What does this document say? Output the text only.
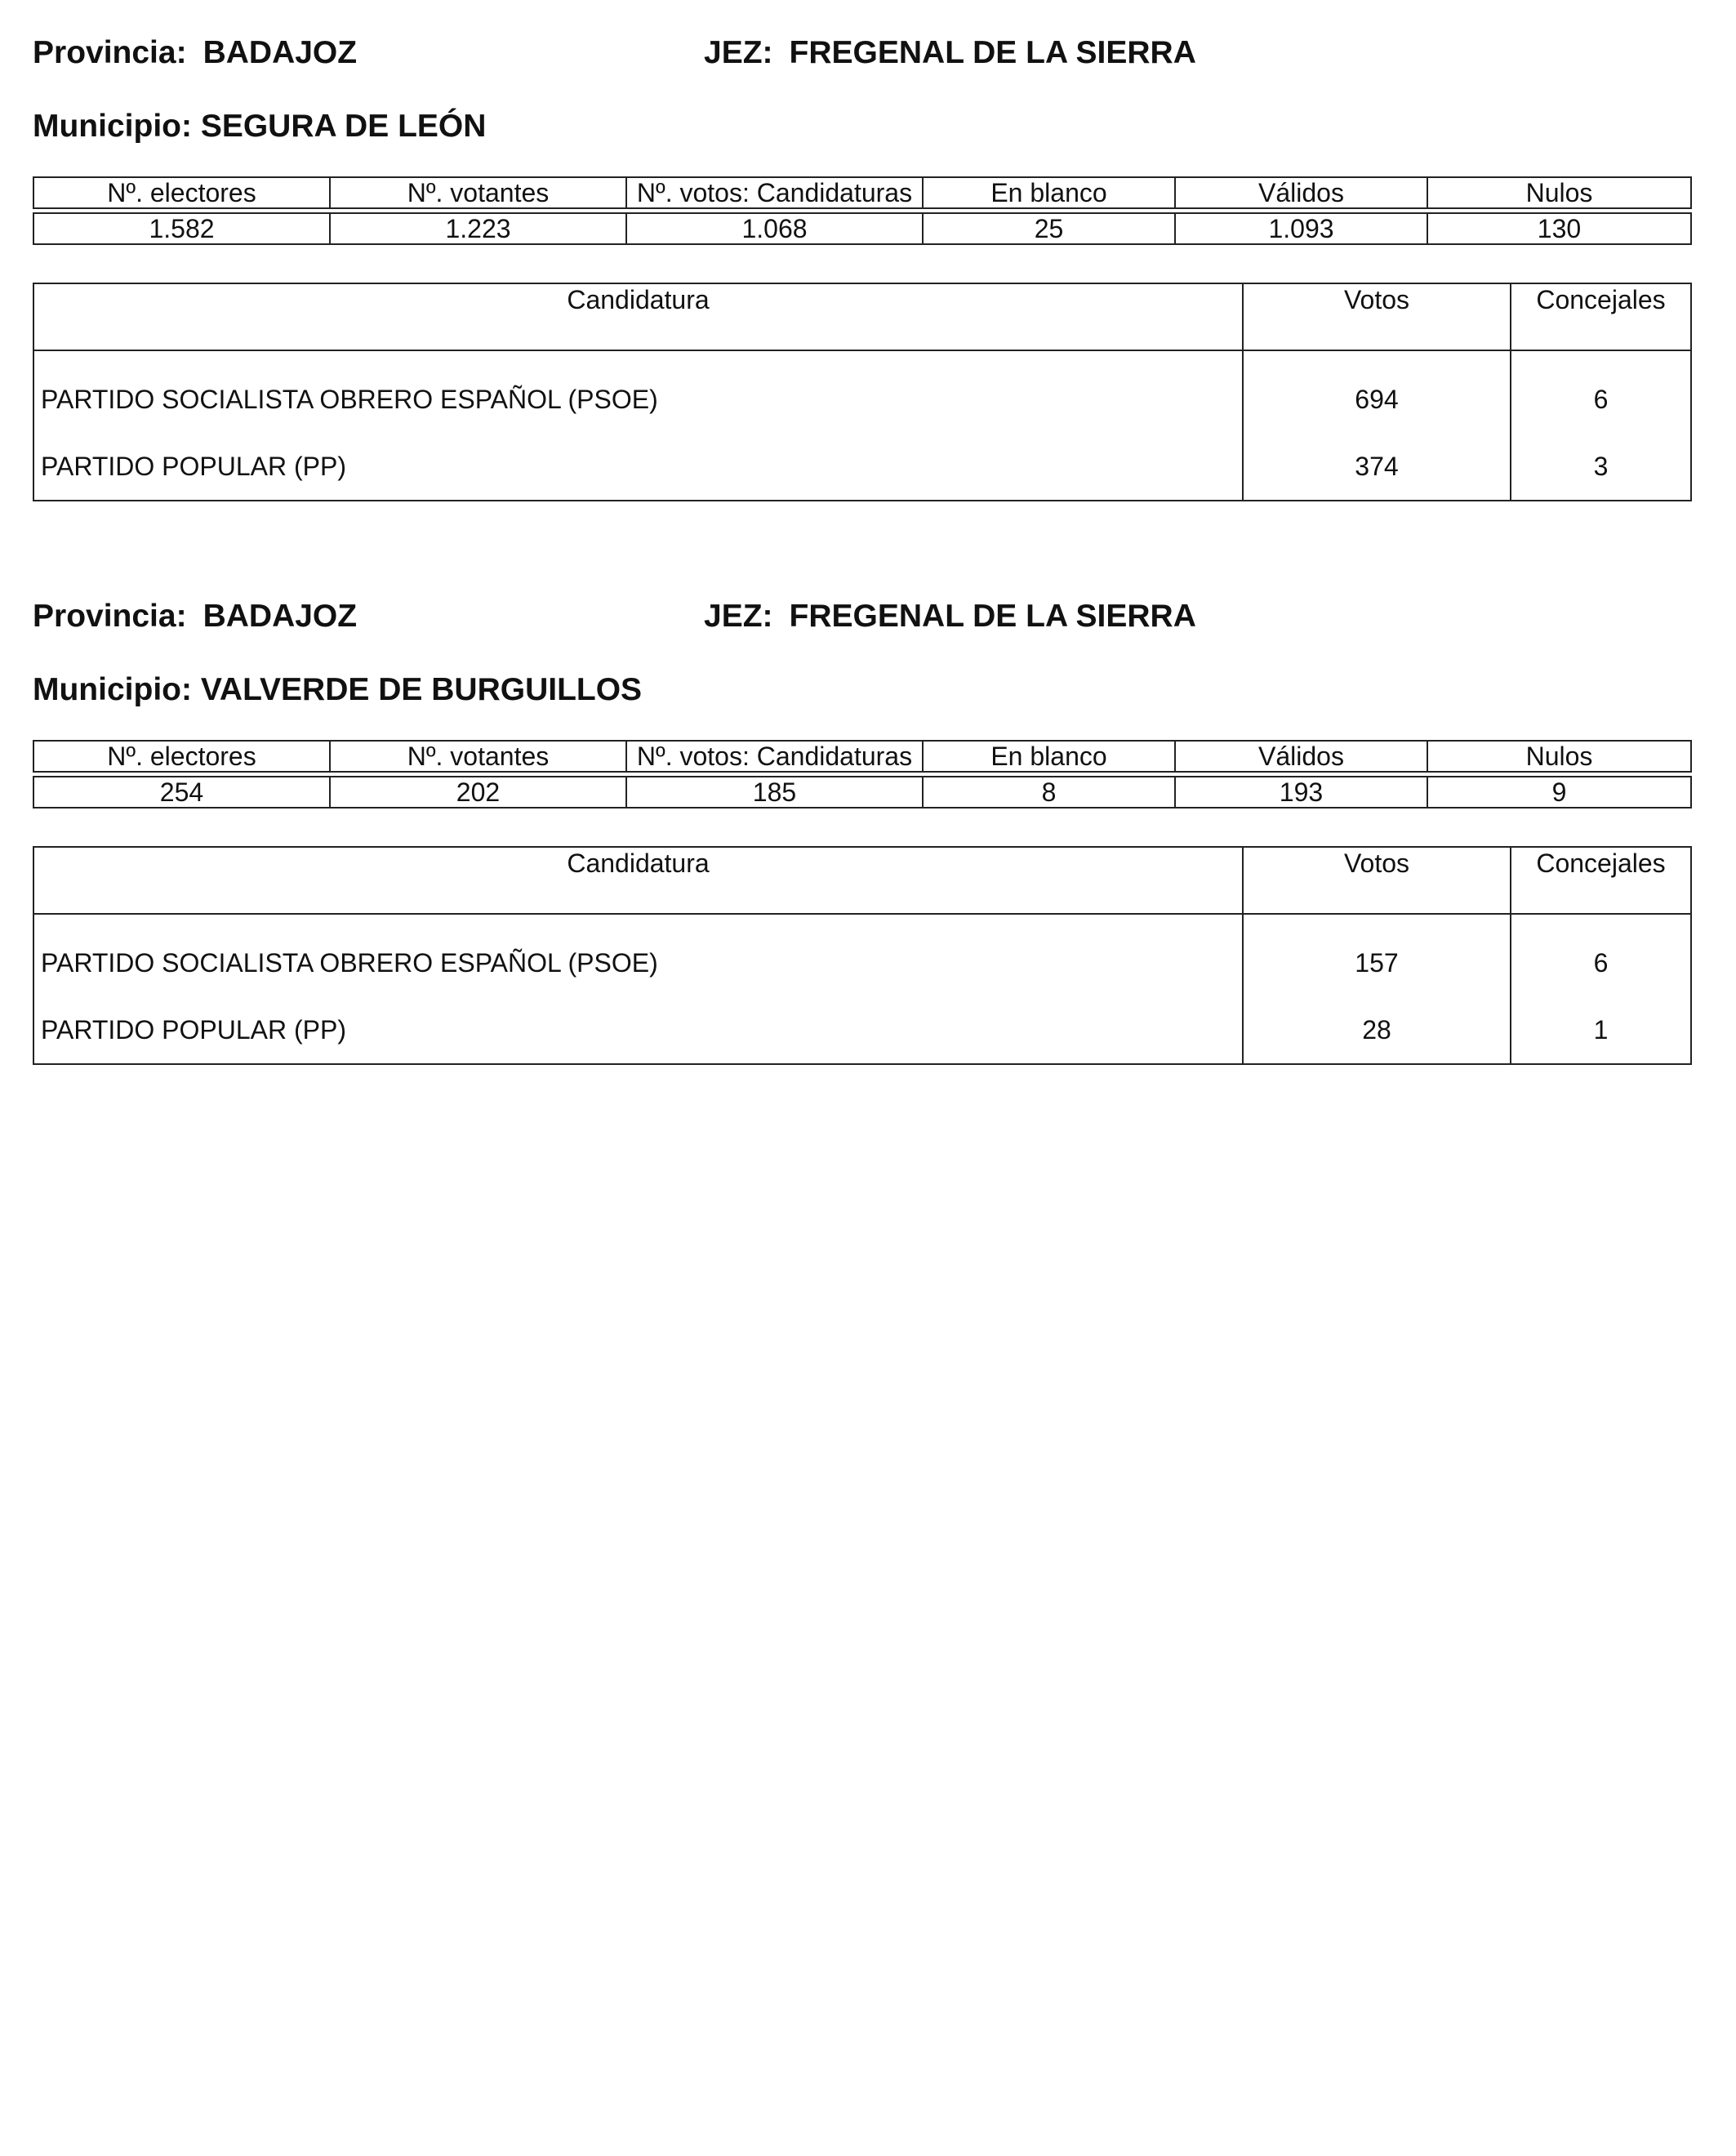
Provincia: BADAJOZ	JEZ: FREGENAL DE LA SIERRA
Municipio: SEGURA DE LEÓN
Nº. electores	Nº. votantes	Nº. votos: Candidaturas	En blanco	Válidos	Nulos

1.582	1.223	1.068	25	1.093	130
Candidatura	Votos	Concejales
PARTIDO SOCIALISTA OBRERO ESPAÑOL (PSOE)	694	6
PARTIDO POPULAR (PP)	374	3
Provincia: BADAJOZ	JEZ: FREGENAL DE LA SIERRA
Municipio: VALVERDE DE BURGUILLOS
Nº. electores	Nº. votantes	Nº. votos: Candidaturas	En blanco	Válidos	Nulos

254	202	185	8	193	9
Candidatura	Votos	Concejales
PARTIDO SOCIALISTA OBRERO ESPAÑOL (PSOE)	157	6
PARTIDO POPULAR (PP)	28	1
